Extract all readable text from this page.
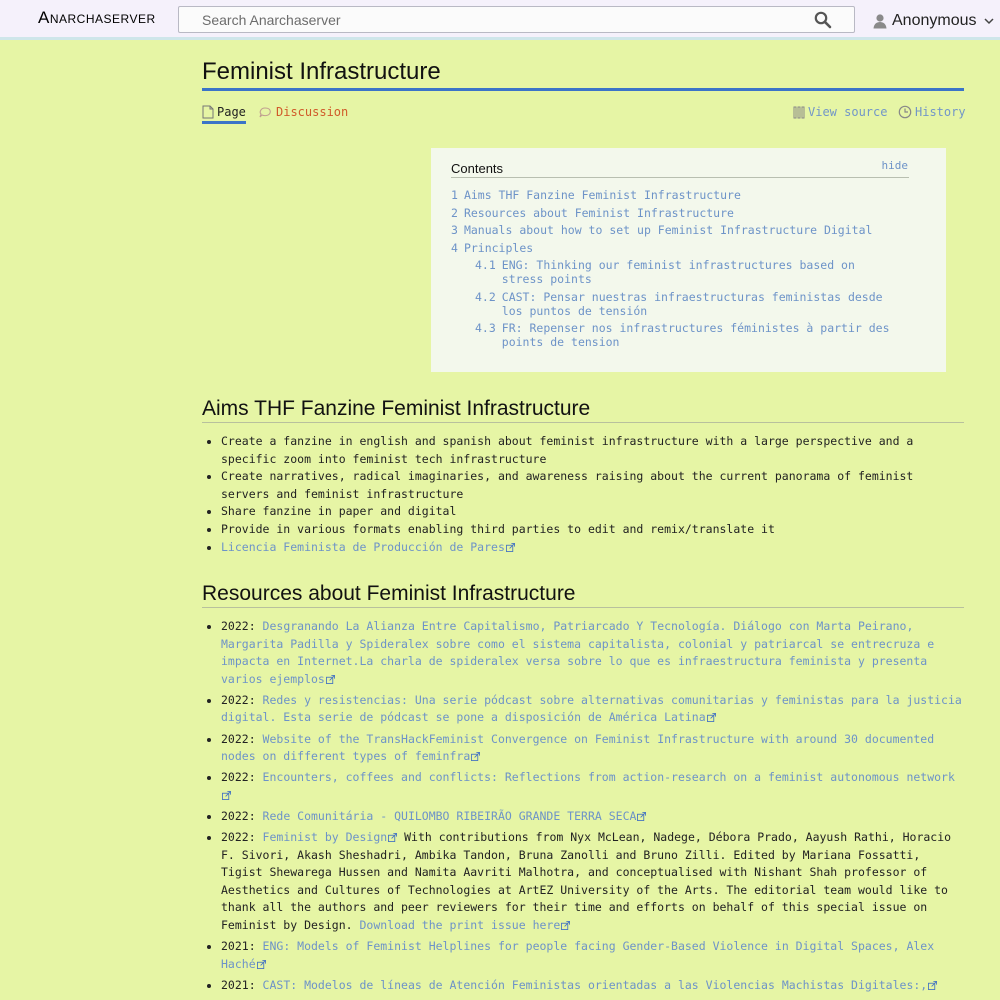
Anarchaserver
Search Anarchaserver	Anonymous
Feminist Infrastructure
Page	Discussion	View source History
Contents	hide
1 Aims THF Fanzine Feminist Infrastructure
2 Resources about Feminist Infrastructure
3 Manuals about how to set up Feminist Infrastructure Digital
4 Principles
4.1 ENG: Thinking our feminist infrastructures based on stress points
4.2 CAST: Pensar nuestras infraestructuras feministas desde los puntos de tensión
4.3 FR: Repenser nos infrastructures féministes à partir des points de tension
Aims THF Fanzine Feminist Infrastructure
Create a fanzine in english and spanish about feminist infrastructure with a large perspective and a specific zoom into feminist tech infrastructure
Create narratives, radical imaginaries, and awareness raising about the current panorama of feminist servers and feminist infrastructure
Share fanzine in paper and digital
Provide in various formats enabling third parties to edit and remix/translate it
Licencia Feminista de Producción de Pares
Resources about Feminist Infrastructure
2022: Desgranando La Alianza Entre Capitalismo, Patriarcado Y Tecnología. Diálogo con Marta Peirano, Margarita Padilla y Spideralex sobre como el sistema capitalista, colonial y patriarcal se entrecruza e impacta en Internet.La charla de spideralex versa sobre lo que es infraestructura feminista y presenta varios ejemplos
2022: Redes y resistencias: Una serie pódcast sobre alternativas comunitarias y feministas para la justicia digital. Esta serie de pódcast se pone a disposición de América Latina
2022: Website of the TransHackFeminist Convergence on Feminist Infrastructure with around 30 documented nodes on different types of feminfra
2022: Encounters, coffees and conflicts: Reflections from action-research on a feminist autonomous network
2022: Rede Comunitária - QUILOMBO RIBEIRÃO GRANDE TERRA SECA
2022: Feminist by Design With contributions from Nyx McLean, Nadege, Débora Prado, Aayush Rathi, Horacio F. Sivori, Akash Sheshadri, Ambika Tandon, Bruna Zanolli and Bruno Zilli. Edited by Mariana Fossatti, Tigist Shewarega Hussen and Namita Aavriti Malhotra, and conceptualised with Nishant Shah professor of Aesthetics and Cultures of Technologies at ArtEZ University of the Arts. The editorial team would like to thank all the authors and peer reviewers for their time and efforts on behalf of this special issue on Feminist by Design. Download the print issue here
2021: ENG: Models of Feminist Helplines for people facing Gender-Based Violence in Digital Spaces, Alex Haché
2021: CAST: Modelos de líneas de Atención Feministas orientadas a las Violencias Machistas Digitales:,
